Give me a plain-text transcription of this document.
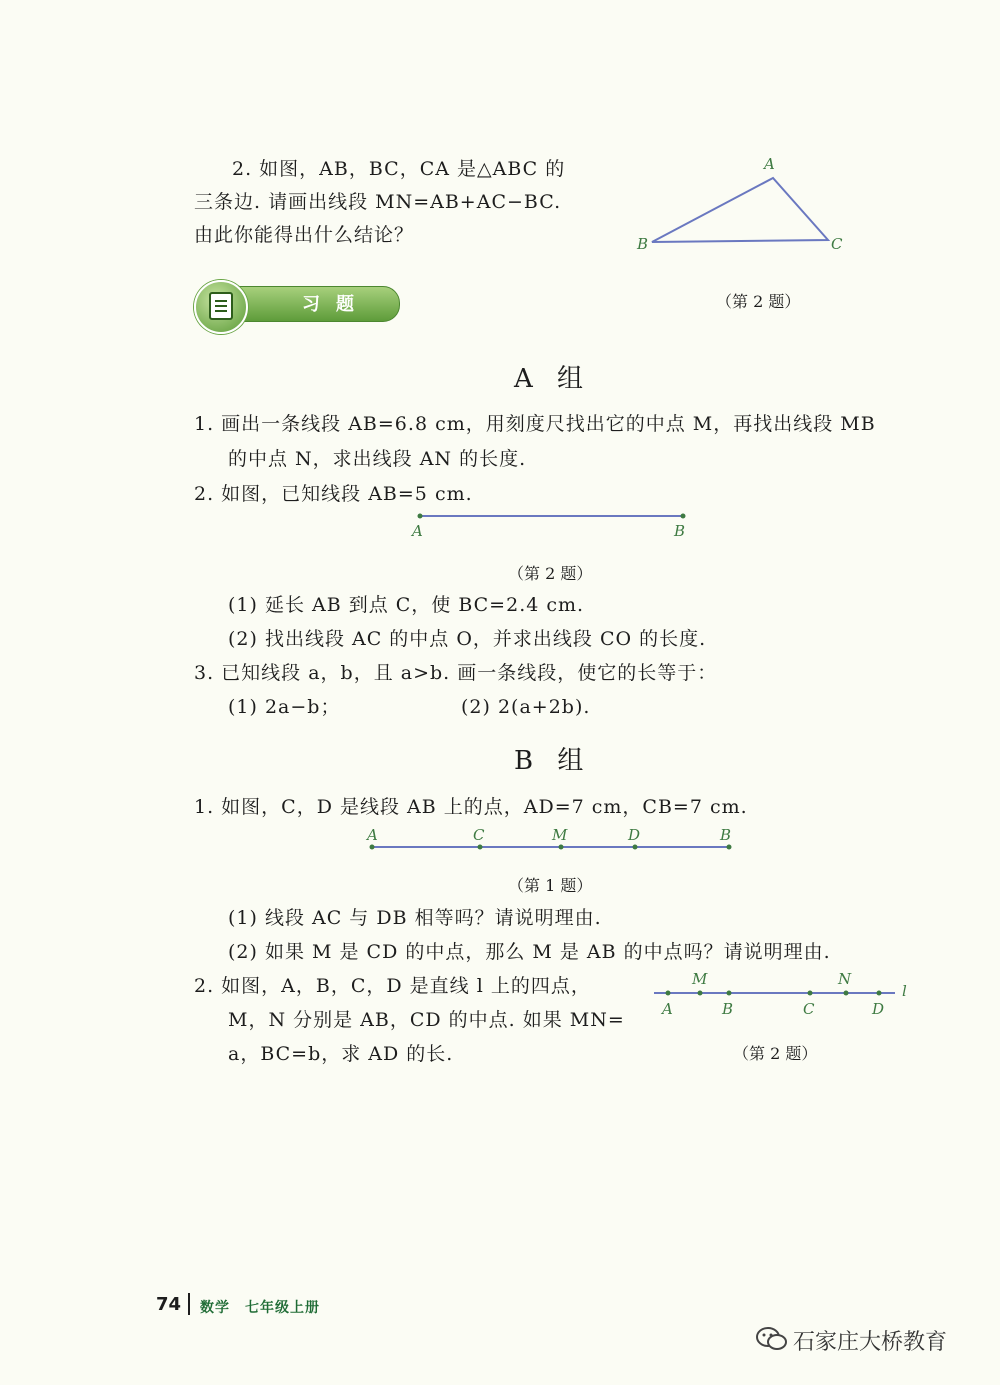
2. 如图，AB，BC，CA 是△ABC 的
三条边. 请画出线段 MN=AB+AC−BC.
由此你能得出什么结论？
A
B	C
（第 2 题）
习题
A 组
1. 画出一条线段 AB=6.8 cm，用刻度尺找出它的中点 M，再找出线段 MB
的中点 N，求出线段 AN 的长度.
2. 如图，已知线段 AB=5 cm.
A	B
（第 2 题）
(1) 延长 AB 到点 C，使 BC=2.4 cm.
(2) 找出线段 AC 的中点 O，并求出线段 CO 的长度.
3. 已知线段 a，b，且 a>b. 画一条线段，使它的长等于：
(1) 2a−b；	(2) 2(a+2b).
B 组
1. 如图，C，D 是线段 AB 上的点，AD=7 cm，CB=7 cm.
A	C	M	D	B
（第 1 题）
(1) 线段 AC 与 DB 相等吗？请说明理由.
(2) 如果 M 是 CD 的中点，那么 M 是 AB 的中点吗？请说明理由.
2. 如图，A，B，C，D 是直线 l 上的四点，
M，N 分别是 AB，CD 的中点. 如果 MN=
a，BC=b，求 AD 的长.
M	N
A	B	C	D
l
（第 2 题）
74 数学　七年级上册
石家庄大桥教育
